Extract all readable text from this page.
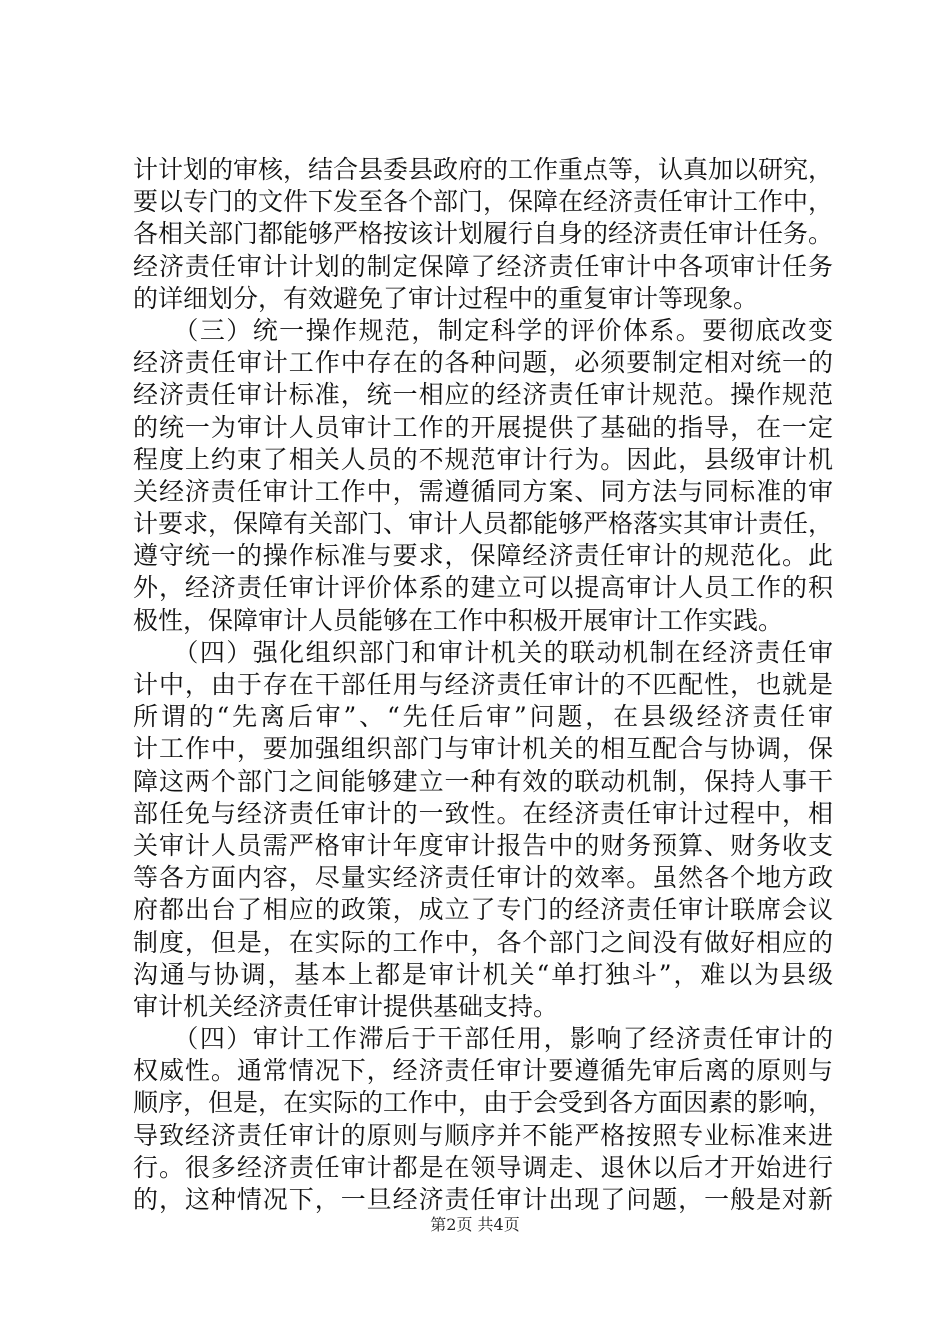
计计划的审核，结合县委县政府的工作重点等，认真加以研究，
要以专门的文件下发至各个部门，保障在经济责任审计工作中，
各相关部门都能够严格按该计划履行自身的经济责任审计任务。
经济责任审计计划的制定保障了经济责任审计中各项审计任务
的详细划分，有效避免了审计过程中的重复审计等现象。
　　（三）统一操作规范，制定科学的评价体系。要彻底改变
经济责任审计工作中存在的各种问题，必须要制定相对统一的
经济责任审计标准，统一相应的经济责任审计规范。操作规范
的统一为审计人员审计工作的开展提供了基础的指导，在一定
程度上约束了相关人员的不规范审计行为。因此，县级审计机
关经济责任审计工作中，需遵循同方案、同方法与同标准的审
计要求，保障有关部门、审计人员都能够严格落实其审计责任，
遵守统一的操作标准与要求，保障经济责任审计的规范化。此
外，经济责任审计评价体系的建立可以提高审计人员工作的积
极性，保障审计人员能够在工作中积极开展审计工作实践。
　　（四）强化组织部门和审计机关的联动机制在经济责任审
计中，由于存在干部任用与经济责任审计的不匹配性，也就是
所谓的“先离后审”、“先任后审”问题，在县级经济责任审
计工作中，要加强组织部门与审计机关的相互配合与协调，保
障这两个部门之间能够建立一种有效的联动机制，保持人事干
部任免与经济责任审计的一致性。在经济责任审计过程中，相
关审计人员需严格审计年度审计报告中的财务预算、财务收支
等各方面内容，尽量实经济责任审计的效率。虽然各个地方政
府都出台了相应的政策，成立了专门的经济责任审计联席会议
制度，但是，在实际的工作中，各个部门之间没有做好相应的
沟通与协调，基本上都是审计机关“单打独斗”，难以为县级
审计机关经济责任审计提供基础支持。
　　（四）审计工作滞后于干部任用，影响了经济责任审计的
权威性。通常情况下，经济责任审计要遵循先审后离的原则与
顺序，但是，在实际的工作中，由于会受到各方面因素的影响，
导致经济责任审计的原则与顺序并不能严格按照专业标准来进
行。很多经济责任审计都是在领导调走、退休以后才开始进行
的，这种情况下，一旦经济责任审计出现了问题，一般是对新
第2页 共4页
